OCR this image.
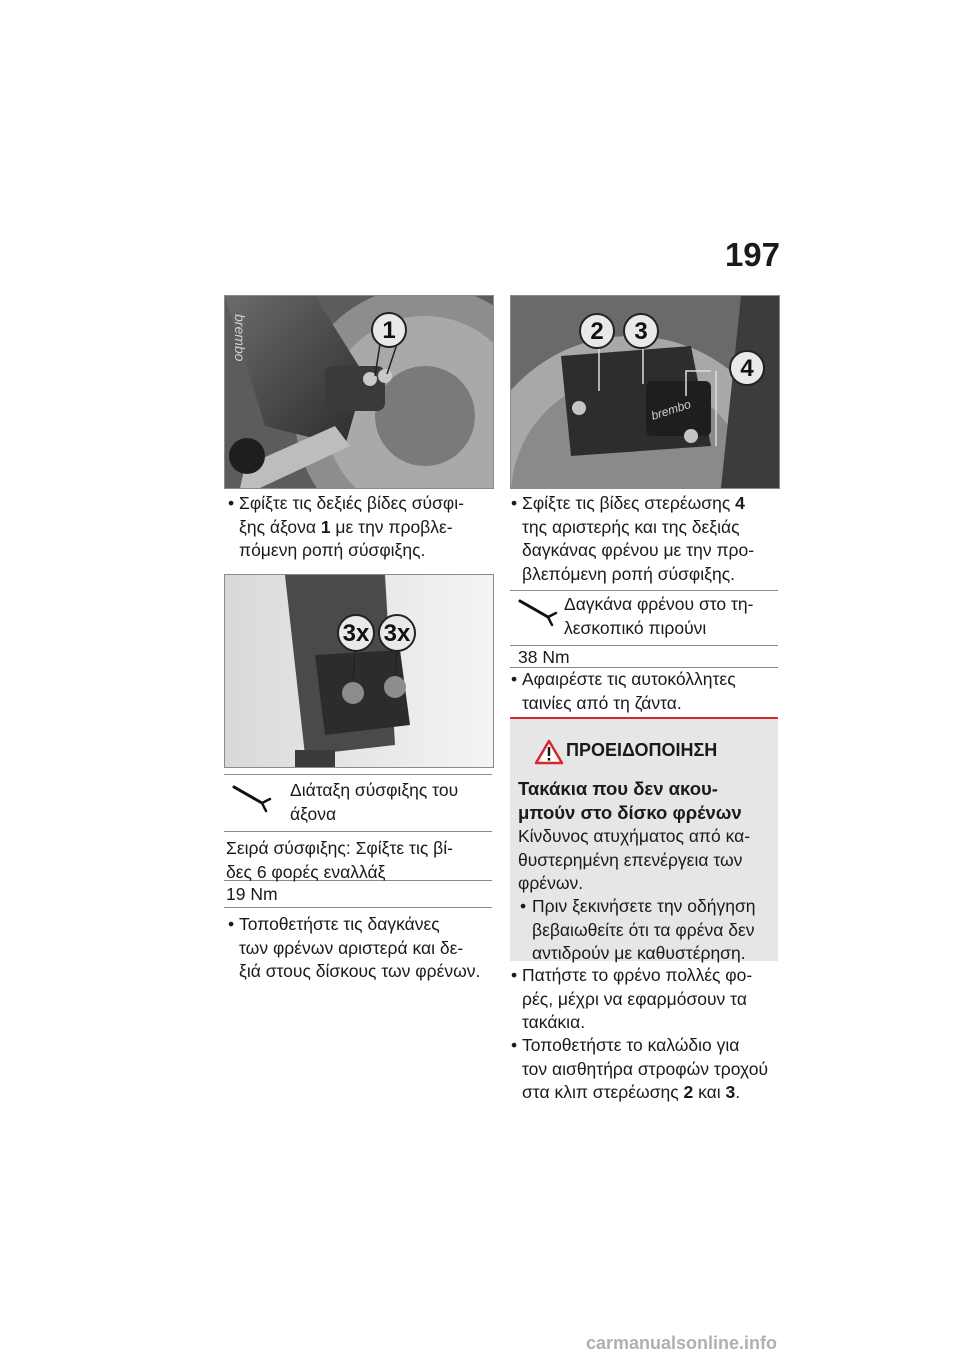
197
brembo	1
• Σφίξτε τις δεξιές βίδες σύσφι-
ξης άξονα 1 με την προβλε-
πόμενη ροπή σύσφιξης.
3x 3x
Διάταξη σύσφιξης του
άξονα
Σειρά σύσφιξης: Σφίξτε τις βί-
δες 6 φορές εναλλάξ
19 Nm
• Τοποθετήστε τις δαγκάνες
των φρένων αριστερά και δε-
ξιά στους δίσκους των φρένων.
brembo
2 3
4
• Σφίξτε τις βίδες στερέωσης 4
της αριστερής και της δεξιάς
δαγκάνας φρένου με την προ-
βλεπόμενη ροπή σύσφιξης.
Δαγκάνα φρένου στο τη-
λεσκοπικό πιρούνι
38 Nm
• Αφαιρέστε τις αυτοκόλλητες
ταινίες από τη ζάντα.
ΠΡΟΕΙΔΟΠΟΙΗΣΗ
Τακάκια που δεν ακου-
μπούν στο δίσκο φρένων
Κίνδυνος ατυχήματος από κα-
θυστερημένη επενέργεια των
φρένων.
• Πριν ξεκινήσετε την οδήγηση
βεβαιωθείτε ότι τα φρένα δεν
αντιδρούν με καθυστέρηση.
• Πατήστε το φρένο πολλές φο-
ρές, μέχρι να εφαρμόσουν τα
τακάκια.
• Τοποθετήστε το καλώδιο για
τον αισθητήρα στροφών τροχού
στα κλιπ στερέωσης 2 και 3.
carmanualsonline.info
